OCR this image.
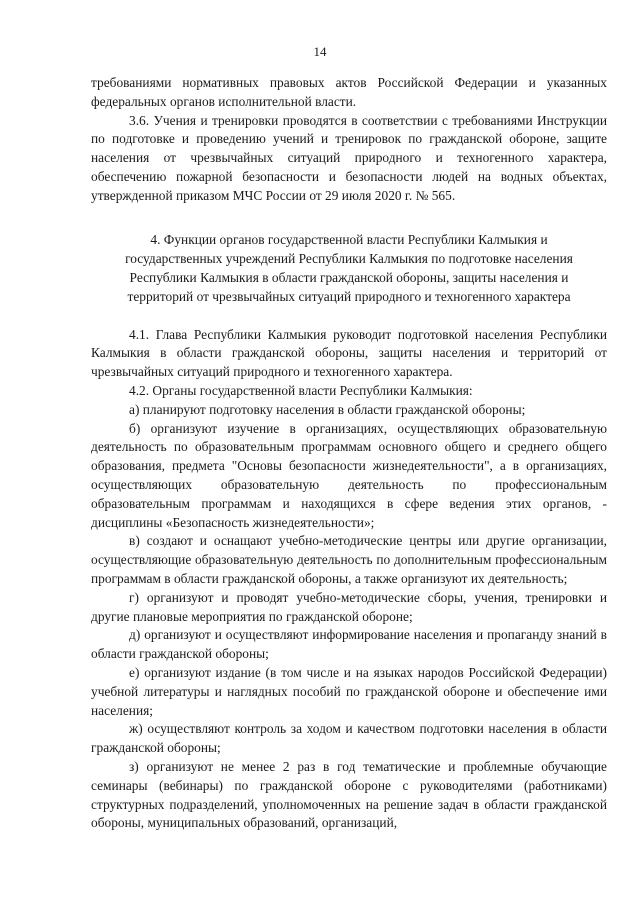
14

требованиями нормативных правовых актов Российской Федерации и указанных федеральных органов исполнительной власти.

3.6. Учения и тренировки проводятся в соответствии с требованиями Инструкции по подготовке и проведению учений и тренировок по гражданской обороне, защите населения от чрезвычайных ситуаций природного и техногенного характера, обеспечению пожарной безопасности и безопасности людей на водных объектах, утвержденной приказом МЧС России от 29 июля 2020 г. № 565.

4. Функции органов государственной власти Республики Калмыкия и государственных учреждений Республики Калмыкия по подготовке населения Республики Калмыкия в области гражданской обороны, защиты населения и территорий от чрезвычайных ситуаций природного и техногенного характера

4.1. Глава Республики Калмыкия руководит подготовкой населения Республики Калмыкия в области гражданской обороны, защиты населения и территорий от чрезвычайных ситуаций природного и техногенного характера.

4.2. Органы государственной власти Республики Калмыкия:

а) планируют подготовку населения в области гражданской обороны;

б) организуют изучение в организациях, осуществляющих образовательную деятельность по образовательным программам основного общего и среднего общего образования, предмета "Основы безопасности жизнедеятельности", а в организациях, осуществляющих образовательную деятельность по профессиональным образовательным программам и находящихся в сфере ведения этих органов, - дисциплины «Безопасность жизнедеятельности»;

в) создают и оснащают учебно-методические центры или другие организации, осуществляющие образовательную деятельность по дополнительным профессиональным программам в области гражданской обороны, а также организуют их деятельность;

г) организуют и проводят учебно-методические сборы, учения, тренировки и другие плановые мероприятия по гражданской обороне;

д) организуют и осуществляют информирование населения и пропаганду знаний в области гражданской обороны;

е) организуют издание (в том числе и на языках народов Российской Федерации) учебной литературы и наглядных пособий по гражданской обороне и обеспечение ими населения;

ж) осуществляют контроль за ходом и качеством подготовки населения в области гражданской обороны;

з) организуют не менее 2 раз в год тематические и проблемные обучающие семинары (вебинары) по гражданской обороне с руководителями (работниками) структурных подразделений, уполномоченных на решение задач в области гражданской обороны, муниципальных образований, организаций,
